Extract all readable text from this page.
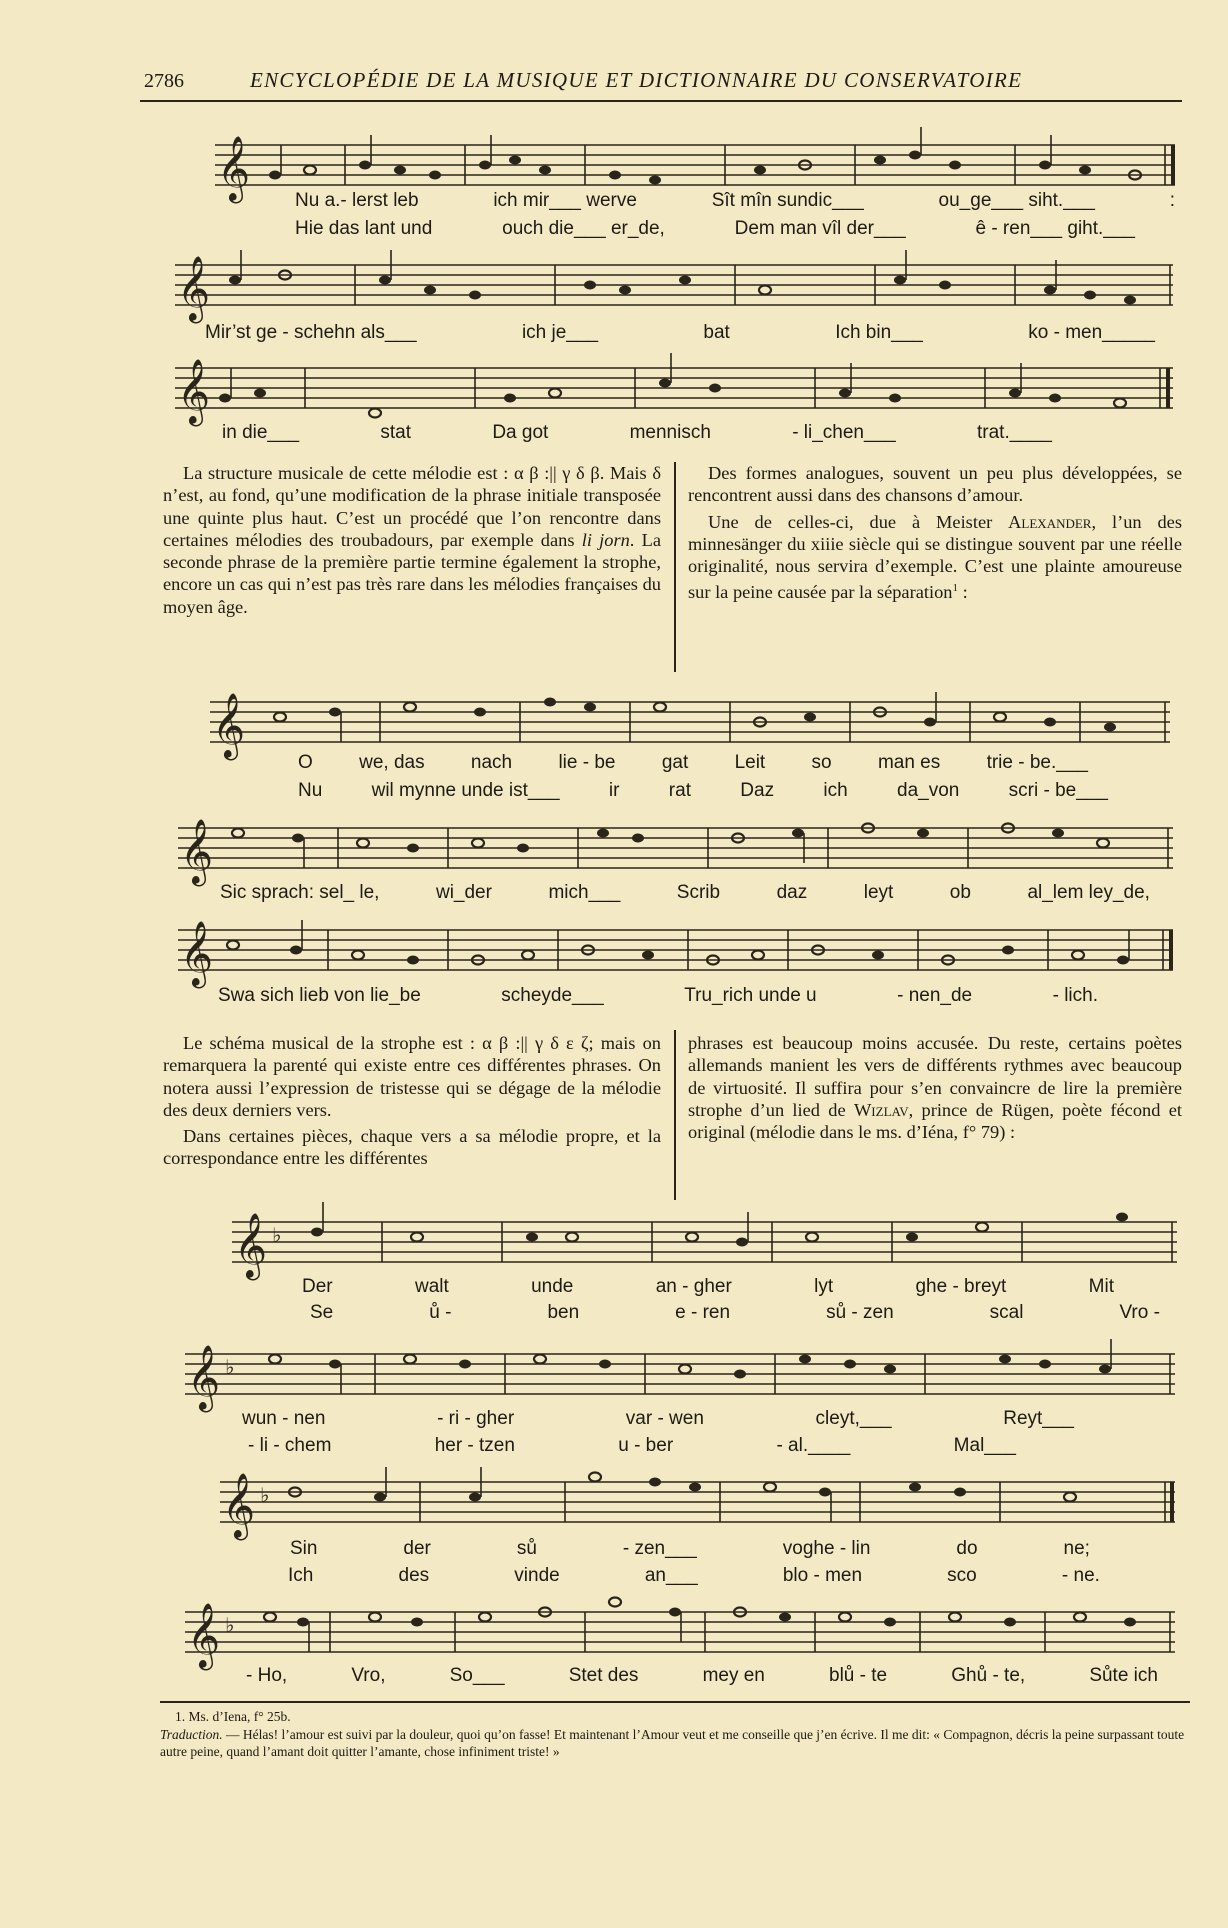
2786	ENCYCLOPÉDIE DE LA MUSIQUE ET DICTIONNAIRE DU CONSERVATOIRE
𝄞 Nu a.- lerst leb	ich mir___ werve	Sît mîn sundic___	ou_ge___ siht.___	:
Hie das lant und	ouch die___ er_de,	Dem man vîl der___	ê - ren___ giht.___
𝄞
Mir’st ge - schehn als___	ich je___	bat	Ich bin___	ko - men_____
𝄞
in die___	stat	Da got	mennisch	- li_chen___	trat.____

La structure musicale de cette mélodie est : α β :|| γ δ β. Mais δ n’est, au fond, qu’une modification de la phrase initiale transposée une quinte plus haut. C’est un procédé que l’on rencontre dans certaines mélodies des troubadours, par exemple dans li jorn. La seconde phrase de la première partie termine également la strophe, encore un cas qui n’est pas très rare dans les mélodies françaises du moyen âge.

Des formes analogues, souvent un peu plus développées, se rencontrent aussi dans des chansons d’amour.

Une de celles-ci, due à Meister Alexander, l’un des minnesänger du xiiie siècle qui se distingue souvent par une réelle originalité, nous servira d’exemple. C’est une plainte amoureuse sur la peine causée par la séparation$^1$ :

𝄞
O we, das nach lie - be gat Leit so man es trie - be.___
Nu	wil mynne unde ist___	ir	rat	Daz	ich	da_von	scri - be___
𝄞
Sic sprach: sel_ le,	wi_der	mich___	Scrib	daz	leyt	ob	al_lem ley_de,
𝄞
Swa sich lieb von lie_be	scheyde___	Tru_rich unde u	- nen_de	- lich.

Le schéma musical de la strophe est : α β :|| γ δ ε ζ; mais on remarquera la parenté qui existe entre ces différentes phrases. On notera aussi l’expression de tristesse qui se dégage de la mélodie des deux derniers vers.

Dans certaines pièces, chaque vers a sa mélodie propre, et la correspondance entre les différentes

phrases est beaucoup moins accusée. Du reste, certains poètes allemands manient les vers de différents rythmes avec beaucoup de virtuosité. Il suffira pour s’en convaincre de lire la première strophe d’un lied de Wizlav, prince de Rügen, poète fécond et original (mélodie dans le ms. d’Iéna, f° 79) :

𝄞 ♭
Der	walt	unde	an - gher	lyt	ghe - breyt	Mit
Se	ů -	ben	e - ren	sů - zen	scal	Vro -
𝄞 ♭
wun - nen	- ri - gher	var - wen	cleyt,___	Reyt___
- li - chem	her - tzen	u - ber	- al.____	Mal___
𝄞 ♭
Sin	der	sů	- zen___	voghe - lin	do	ne;
Ich	des	vinde	an___	blo - men	sco	- ne.
𝄞 ♭
- Ho,	Vro,	So___	Stet des	mey en	blů - te	Ghů - te,	Sůte ich
1. Ms. d’Iena, f° 25b.
Traduction. — Hélas! l’amour est suivi par la douleur, quoi qu’on fasse! Et maintenant l’Amour veut et me conseille que j’en écrive. Il me dit: « Compagnon, décris la peine surpassant toute autre peine, quand l’amant doit quitter l’amante, chose infiniment triste! »
